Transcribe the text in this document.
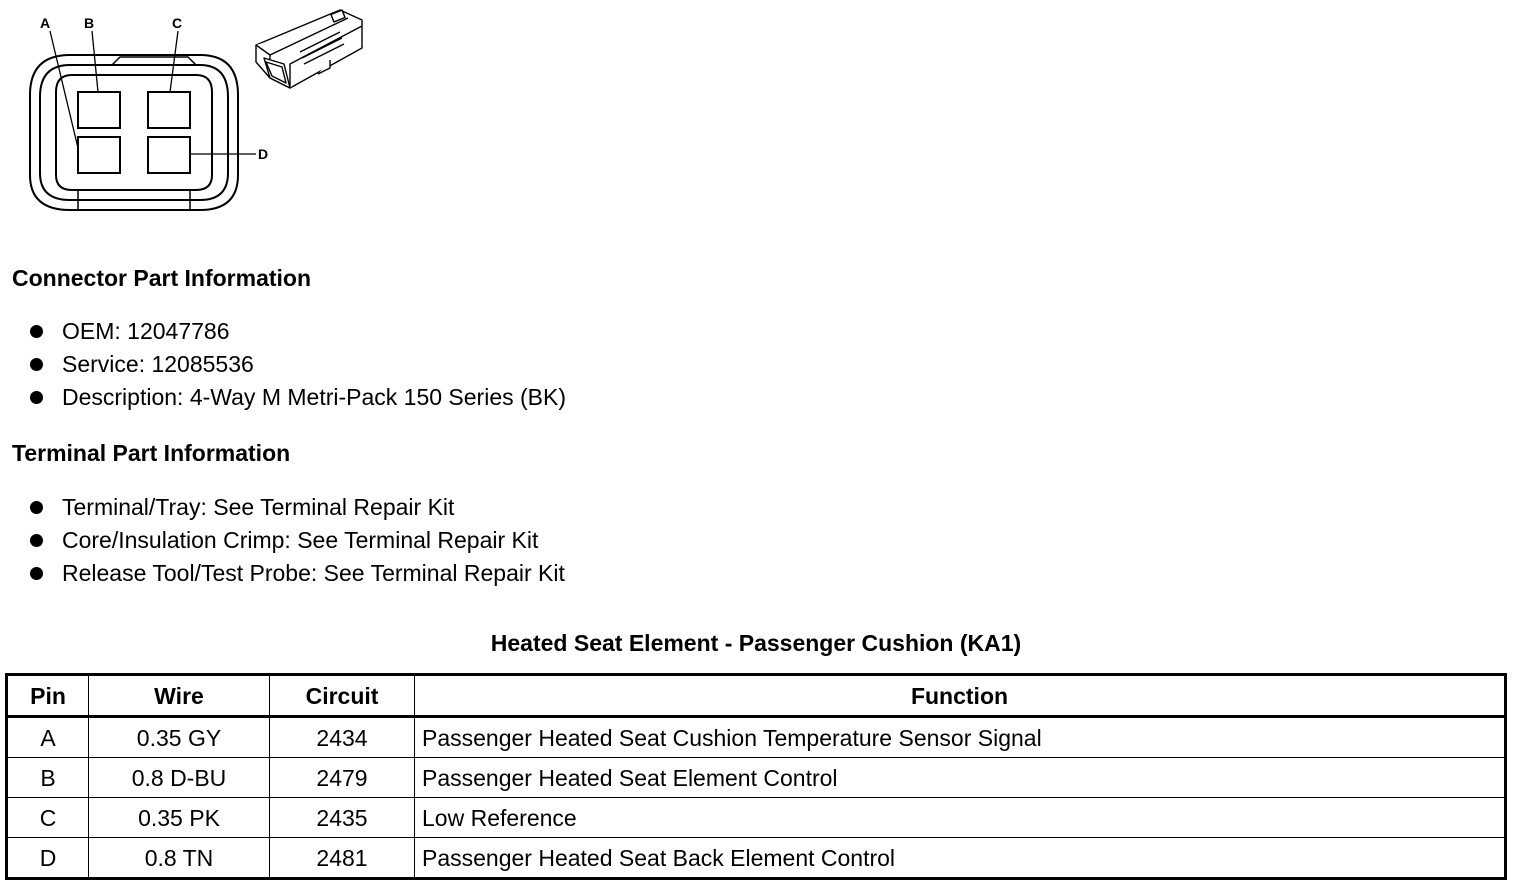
A B	C
D
Connector Part Information
OEM: 12047786
Service: 12085536
Description: 4-Way M Metri-Pack 150 Series (BK)
Terminal Part Information
Terminal/Tray: See Terminal Repair Kit
Core/Insulation Crimp: See Terminal Repair Kit
Release Tool/Test Probe: See Terminal Repair Kit
Heated Seat Element - Passenger Cushion (KA1)
Pin	Wire	Circuit	Function
A	0.35 GY	2434	Passenger Heated Seat Cushion Temperature Sensor Signal
B	0.8 D-BU	2479	Passenger Heated Seat Element Control
C	0.35 PK	2435	Low Reference
D	0.8 TN	2481	Passenger Heated Seat Back Element Control
